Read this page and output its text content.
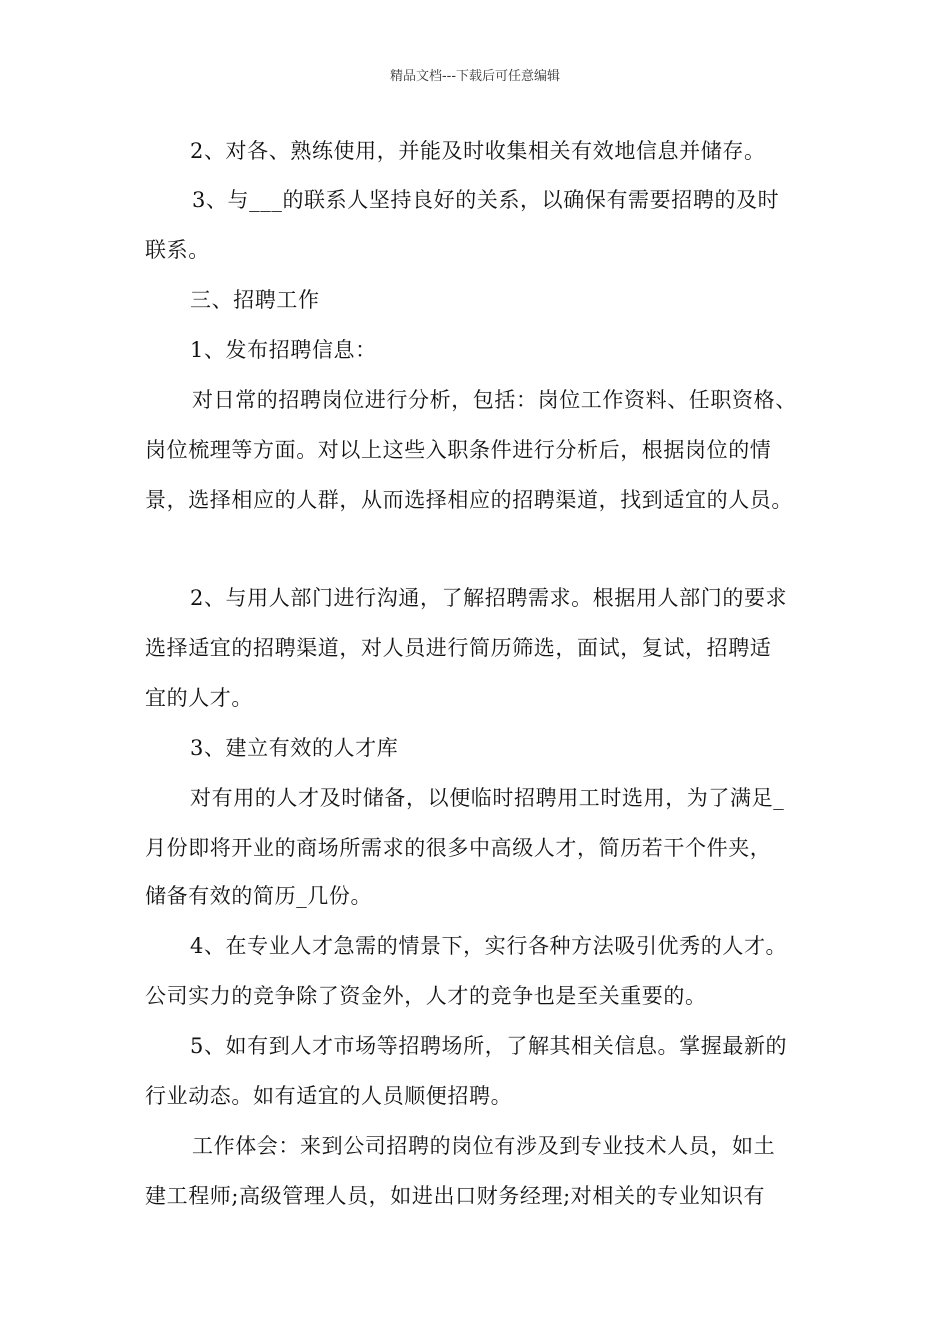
精品文档---下载后可任意编辑
2、对各、熟练使用，并能及时收集相关有效地信息并储存。
3、与___的联系人坚持良好的关系，以确保有需要招聘的及时
联系。
三、招聘工作
1、发布招聘信息：
对日常的招聘岗位进行分析，包括：岗位工作资料、任职资格、
岗位梳理等方面。对以上这些入职条件进行分析后，根据岗位的情
景，选择相应的人群，从而选择相应的招聘渠道，找到适宜的人员。
2、与用人部门进行沟通，了解招聘需求。根据用人部门的要求
选择适宜的招聘渠道，对人员进行简历筛选，面试，复试，招聘适
宜的人才。
3、建立有效的人才库
对有用的人才及时储备，以便临时招聘用工时选用，为了满足_
月份即将开业的商场所需求的很多中高级人才，简历若干个件夹，
储备有效的简历_几份。
4、在专业人才急需的情景下，实行各种方法吸引优秀的人才。
公司实力的竞争除了资金外，人才的竞争也是至关重要的。
5、如有到人才市场等招聘场所，了解其相关信息。掌握最新的
行业动态。如有适宜的人员顺便招聘。
工作体会：来到公司招聘的岗位有涉及到专业技术人员，如土
建工程师;高级管理人员，如进出口财务经理;对相关的专业知识有
